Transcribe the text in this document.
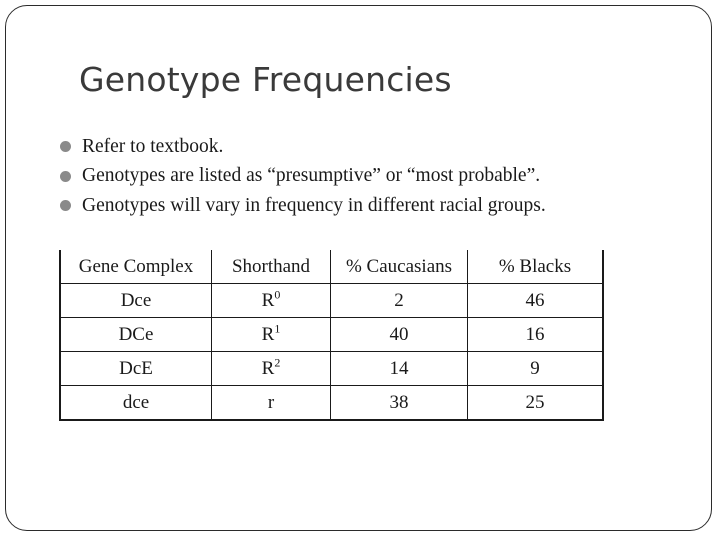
Genotype Frequencies
Refer to textbook.
Genotypes are listed as “presumptive” or “most probable”.
Genotypes will vary in frequency in different racial groups.
Gene Complex	Shorthand	% Caucasians	% Blacks
Dce	$R^0$	2	46
DCe	$R^1$	40	16
DcE	$R^2$	14	9
dce	r	38	25
